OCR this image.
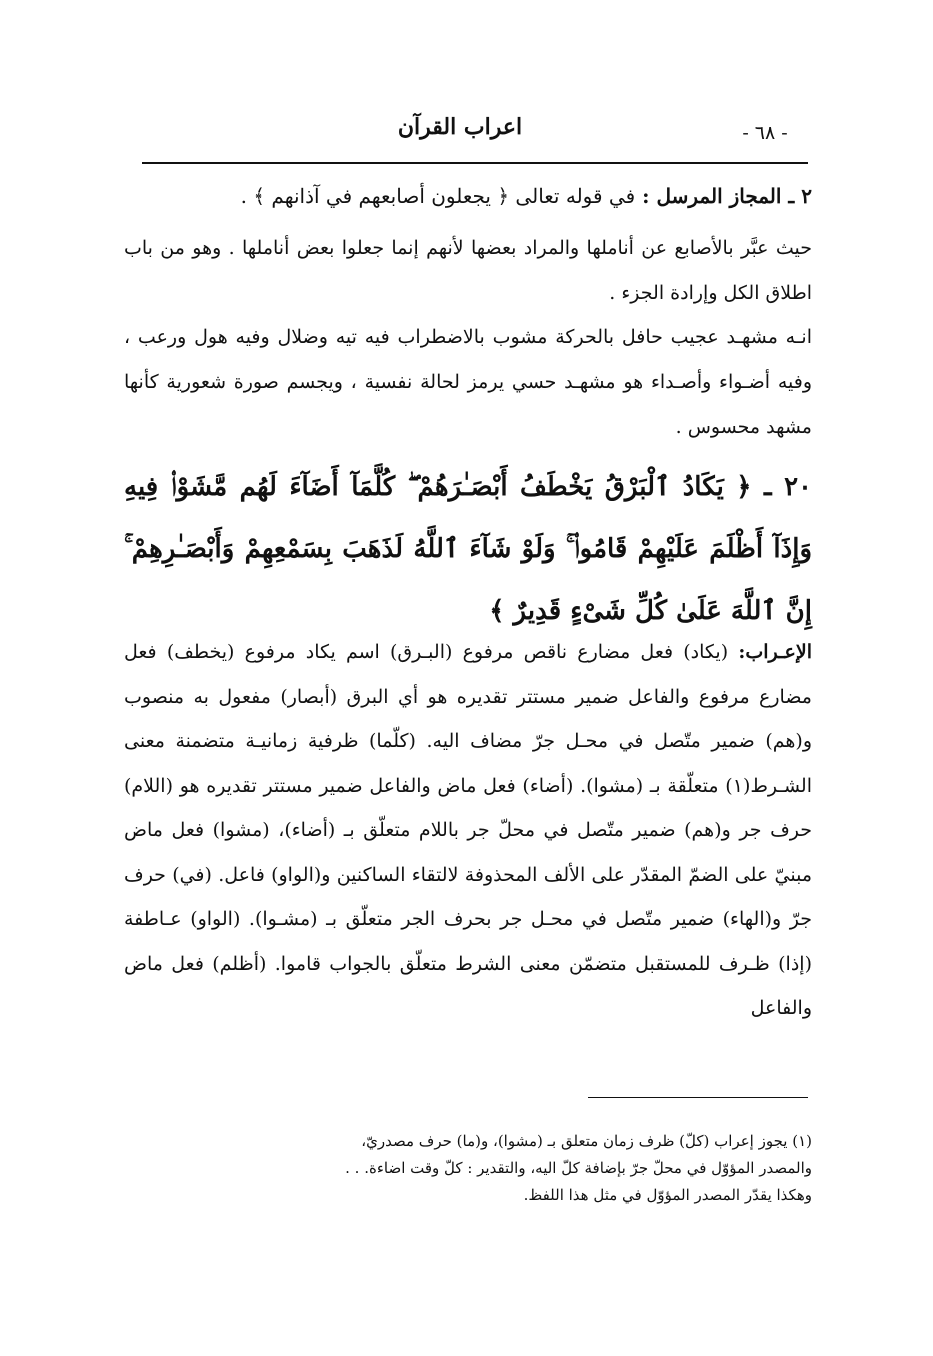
اعراب القرآن	- ٦٨ -
٢ ـ المجاز المرسل : في قوله تعالى ﴿ يجعلون أصابعهم في آذانهم ﴾ .
حيث عبَّر بالأصابع عن أناملها والمراد بعضها لأنهم إنما جعلوا بعض أناملها . وهو من باب اطلاق الكل وإرادة الجزء .
انـه مشهـد عجيب حافل بالحركة مشوب بالاضطراب فيه تيه وضلال وفيه هول ورعب ، وفيه أضـواء وأصـداء هو مشهـد حسي يرمز لحالة نفسية ، ويجسم صورة شعورية كأنها مشهد محسوس .
٢٠ ـ ﴿ يَكَادُ ٱلْبَرْقُ يَخْطَفُ أَبْصَـٰرَهُمْ ۖ كُلَّمَآ أَضَآءَ لَهُم مَّشَوْا۟ فِيهِ وَإِذَآ أَظْلَمَ عَلَيْهِمْ قَامُوا۟ ۚ وَلَوْ شَآءَ ٱللَّهُ لَذَهَبَ بِسَمْعِهِمْ وَأَبْصَـٰرِهِمْ ۚ إِنَّ ٱللَّهَ عَلَىٰ كُلِّ شَىْءٍ قَدِيرٌ ﴾
الإعـراب: (يكاد) فعل مضارع ناقص مرفوع (البـرق) اسم يكاد مرفوع (يخطف) فعل مضارع مرفوع والفاعل ضمير مستتر تقديره هو أي البرق (أبصار) مفعول به منصوب و(هم) ضمير متّصل في محـل جرّ مضاف اليه. (كلّما) ظرفية زمانيـة متضمنة معنى الشـرط(١) متعلّقة بـ (مشوا). (أضاء) فعل ماض والفاعل ضمير مستتر تقديره هو (اللام) حرف جر و(هم) ضمير متّصل في محلّ جر باللام متعلّق بـ (أضاء)، (مشوا) فعل ماض مبنيّ على الضمّ المقدّر على الألف المحذوفة لالتقاء الساكنين و(الواو) فاعل. (في) حرف جرّ و(الهاء) ضمير متّصل في محـل جر بحرف الجر متعلّق بـ (مشـوا). (الواو) عـاطفة (إذا) ظـرف للمستقبل متضمّن معنى الشرط متعلّق بالجواب قاموا. (أظلم) فعل ماض والفاعل
(١) يجوز إعراب (كلّ) ظرف زمان متعلق بـ (مشوا)، و(ما) حرف مصدريّ،
والمصدر المؤوّل في محلّ جرّ بإضافة كلّ اليه، والتقدير : كلّ وقت اضاءة. . .
وهكذا يقدّر المصدر المؤوّل في مثل هذا اللفظ.
